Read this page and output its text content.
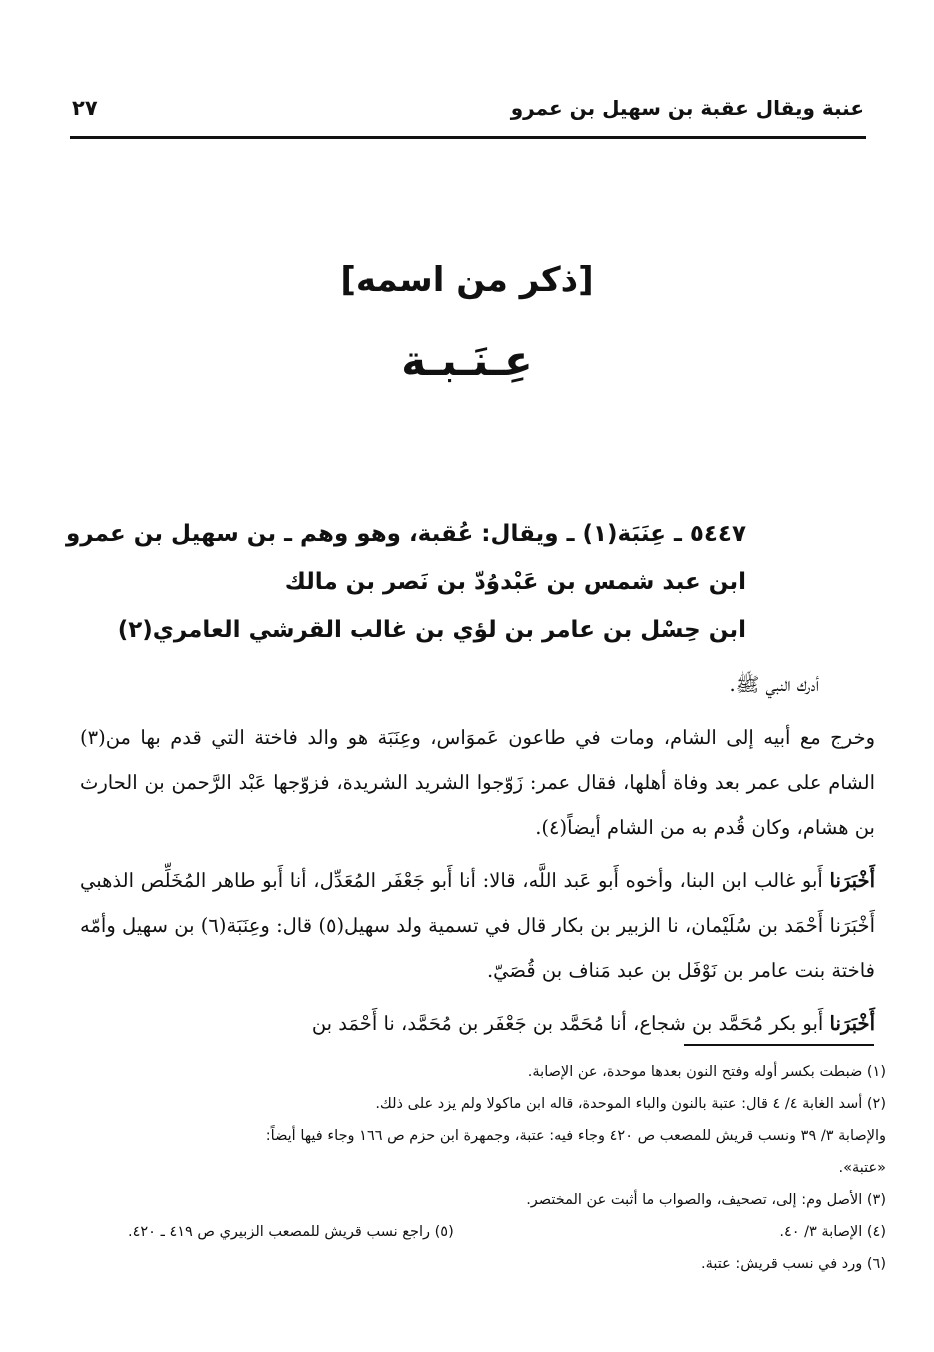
عنبة ويقال عقبة بن سهيل بن عمرو
٢٧
[ذكر من اسمه]
عِـنَـبـة
٥٤٤٧ ـ عِنَبَة(١) ـ ويقال: عُقبة، وهو وهم ـ بن سهيل بن عمرو
ابن عبد شمس بن عَبْدوُدّ بن نَصر بن مالك
ابن حِسْل بن عامر بن لؤي بن غالب القرشي العامري(٢)

أدرك النبي ﷺ.

وخرج مع أبيه إلى الشام، ومات في طاعون عَموَاس، وعِنَبَة هو والد فاختة التي قدم بها من(٣) الشام على عمر بعد وفاة أهلها، فقال عمر: زَوّجوا الشريد الشريدة، فزوّجها عَبْد الرَّحمن بن الحارث بن هشام، وكان قُدم به من الشام أيضاً(٤).

أَخْبَرَنا أَبو غالب ابن البنا، وأخوه أَبو عَبد اللَّه، قالا: أنا أَبو جَعْفَر المُعَدِّل، أنا أَبو طاهر المُخَلِّص الذهبي أَخْبَرَنا أَحْمَد بن سُلَيْمان، نا الزبير بن بكار قال في تسمية ولد سهيل(٥) قال: وعِنَبَة(٦) بن سهيل وأمّه فاختة بنت عامر بن نَوْفَل بن عبد مَناف بن قُصَيّ.

أَخْبَرَنا أَبو بكر مُحَمَّد بن شجاع، أنا مُحَمَّد بن جَعْفَر بن مُحَمَّد، نا أَحْمَد بن

(١) ضبطت بكسر أوله وفتح النون بعدها موحدة، عن الإصابة.
(٢) أسد الغابة ٤/ ٤ قال: عتبة بالنون والباء الموحدة، قاله ابن ماكولا ولم يزد على ذلك.
والإصابة ٣/ ٣٩ ونسب قريش للمصعب ص ٤٢٠ وجاء فيه: عتبة، وجمهرة ابن حزم ص ١٦٦ وجاء فيها أيضاً:
«عتبة».
(٣) الأصل وم: إلى، تصحيف، والصواب ما أثبت عن المختصر.
(٤) الإصابة ٣/ ٤٠.
(٥) راجع نسب قريش للمصعب الزبيري ص ٤١٩ ـ ٤٢٠.
(٦) ورد في نسب قريش: عتبة.
